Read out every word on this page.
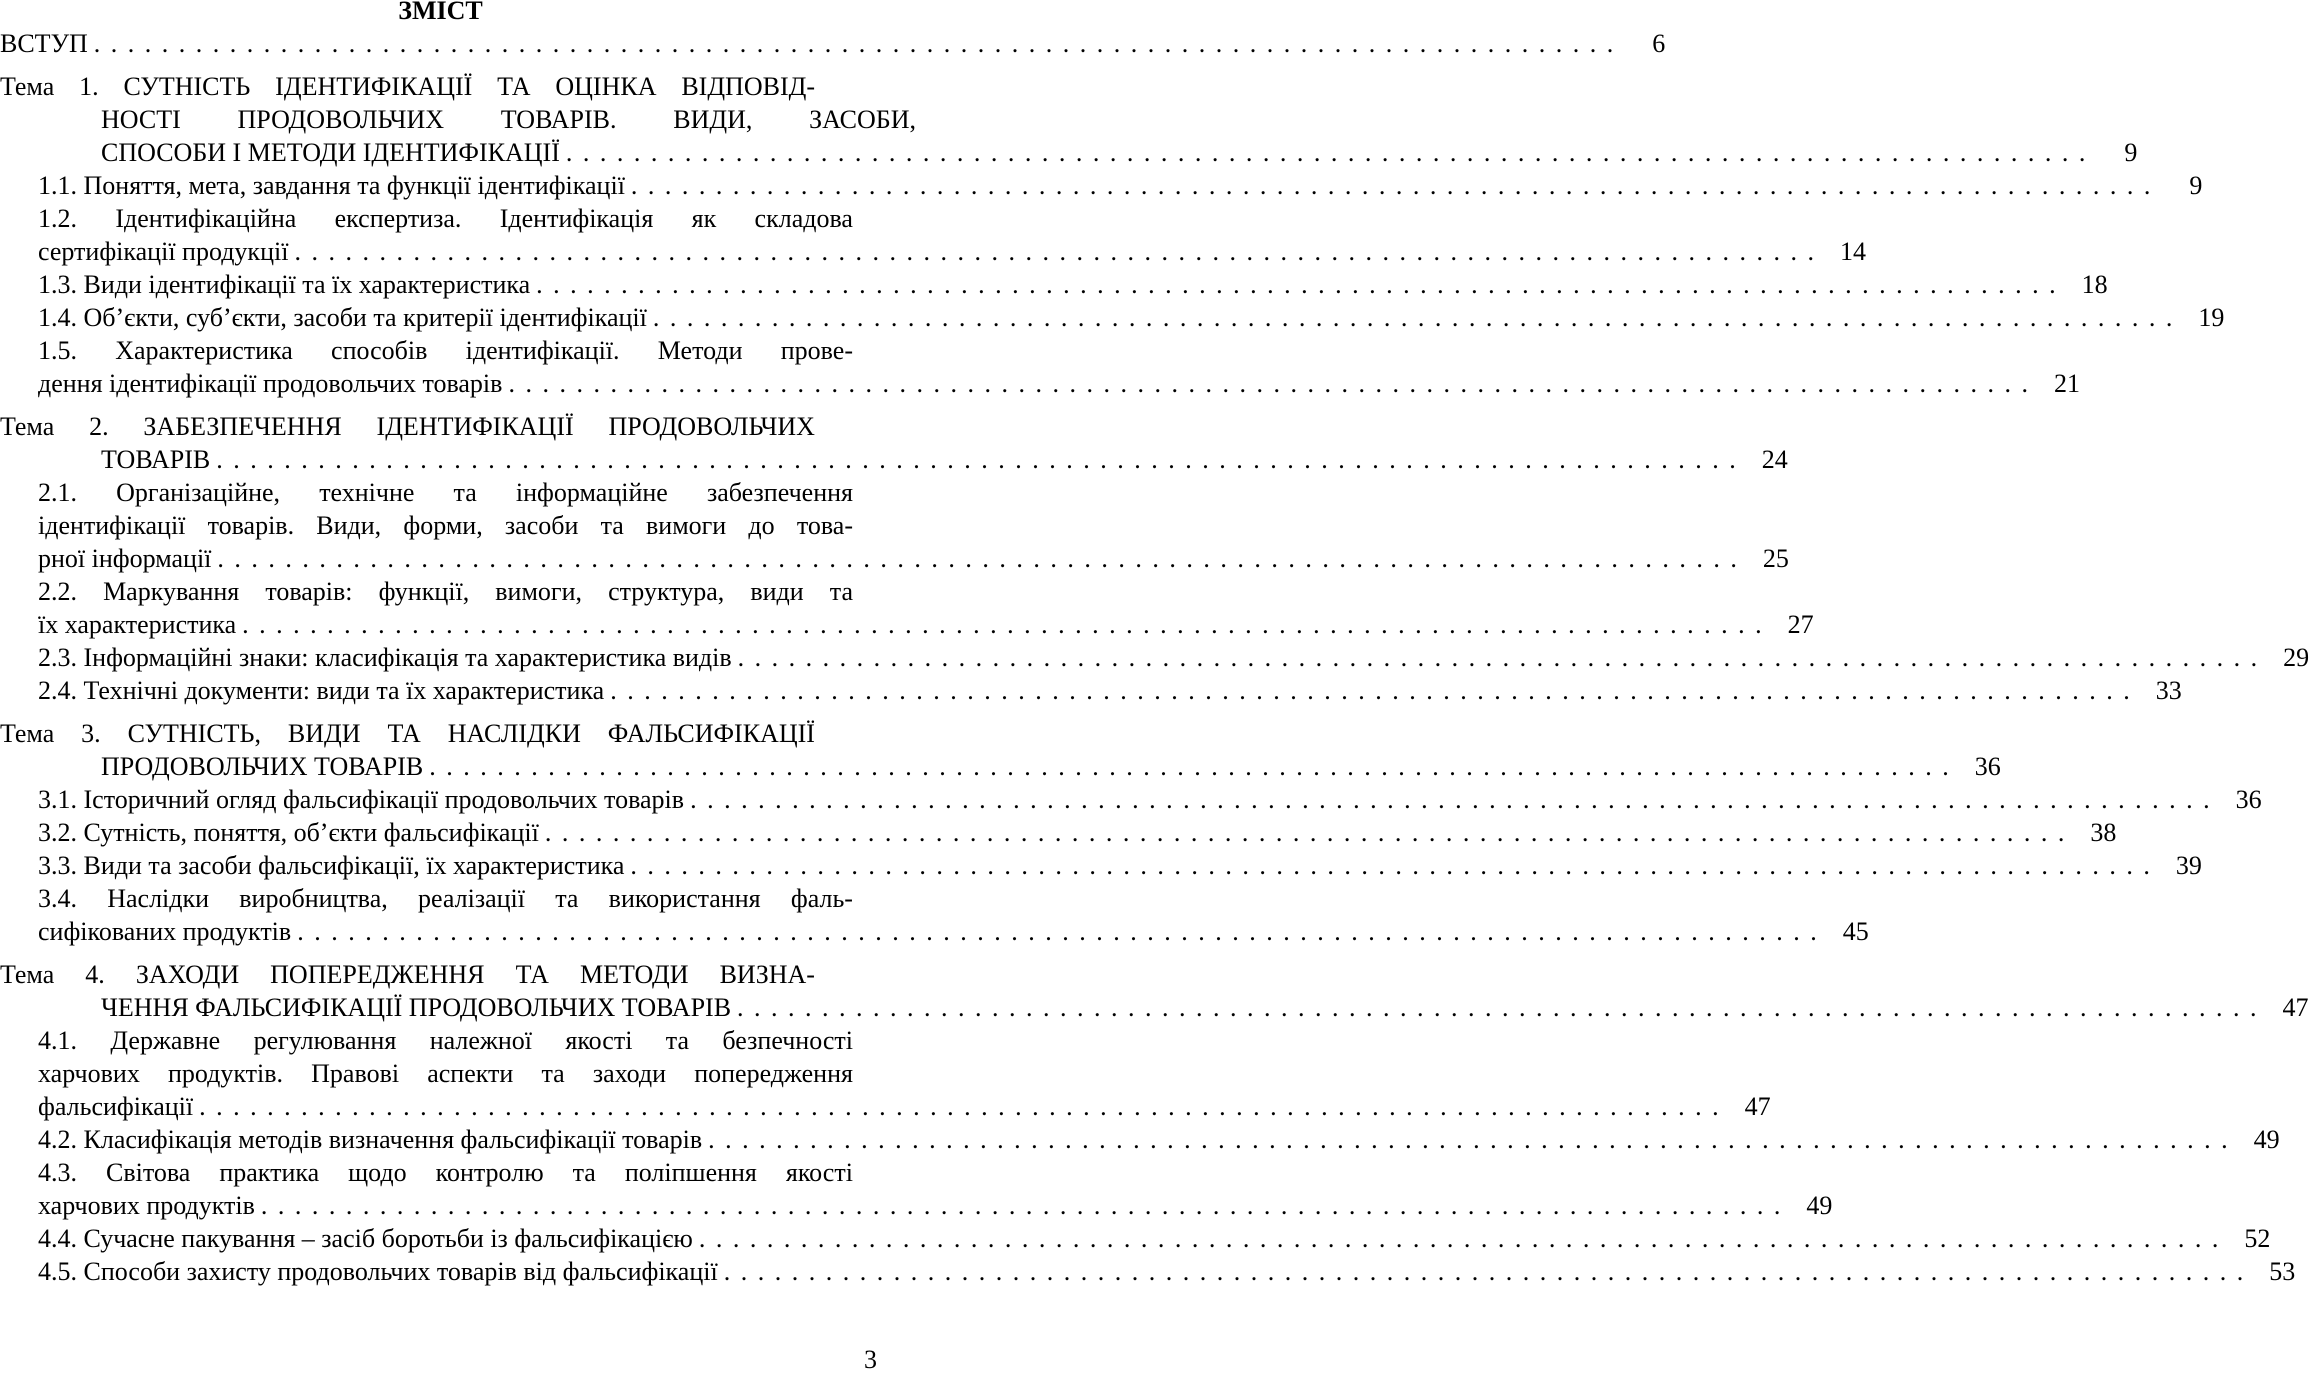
ЗМІСТ
ВСТУП . . .	6
Тема 1. СУТНІСТЬ ІДЕНТИФІКАЦІЇ ТА ОЦІНКА ВІДПОВІД-
НОСТІ ПРОДОВОЛЬЧИХ ТОВАРІВ. ВИДИ, ЗАСОБИ,
СПОСОБИ І МЕТОДИ ІДЕНТИФІКАЦІЇ . . .	9
1.1. Поняття, мета, завдання та функції ідентифікації . . .	9
1.2. Ідентифікаційна експертиза. Ідентифікація як складова
сертифікації продукції . . .	14
1.3. Види ідентифікації та їх характеристика . . .	18
1.4. Об’єкти, суб’єкти, засоби та критерії ідентифікації . . .	19
1.5. Характеристика способів ідентифікації. Методи прове-
дення ідентифікації продовольчих товарів . . .	21
Тема 2. ЗАБЕЗПЕЧЕННЯ ІДЕНТИФІКАЦІЇ ПРОДОВОЛЬЧИХ
ТОВАРІВ . . .	24
2.1. Організаційне, технічне та інформаційне забезпечення
ідентифікації товарів. Види, форми, засоби та вимоги до това-
рної інформації . . .	25
2.2. Маркування товарів: функції, вимоги, структура, види та
їх характеристика . . .	27
2.3. Інформаційні знаки: класифікація та характеристика видів . . .	29
2.4. Технічні документи: види та їх характеристика . . .	33
Тема 3. СУТНІСТЬ, ВИДИ ТА НАСЛІДКИ ФАЛЬСИФІКАЦІЇ
ПРОДОВОЛЬЧИХ ТОВАРІВ . . .	36
3.1. Історичний огляд фальсифікації продовольчих товарів . . .	36
3.2. Сутність, поняття, об’єкти фальсифікації . . .	38
3.3. Види та засоби фальсифікації, їх характеристика . . .	39
3.4. Наслідки виробництва, реалізації та використання фаль-
сифікованих продуктів . . .	45
Тема 4. ЗАХОДИ ПОПЕРЕДЖЕННЯ ТА МЕТОДИ ВИЗНА-
ЧЕННЯ ФАЛЬСИФІКАЦІЇ ПРОДОВОЛЬЧИХ ТОВАРІВ . . .	47
4.1. Державне регулювання належної якості та безпечності
харчових продуктів. Правові аспекти та заходи попередження
фальсифікації . . .	47
4.2. Класифікація методів визначення фальсифікації товарів . . .	49
4.3. Світова практика щодо контролю та поліпшення якості
харчових продуктів . . .	49
4.4. Сучасне пакування – засіб боротьби із фальсифікацією . . .	52
4.5. Способи захисту продовольчих товарів від фальсифікації . . .	53
3
